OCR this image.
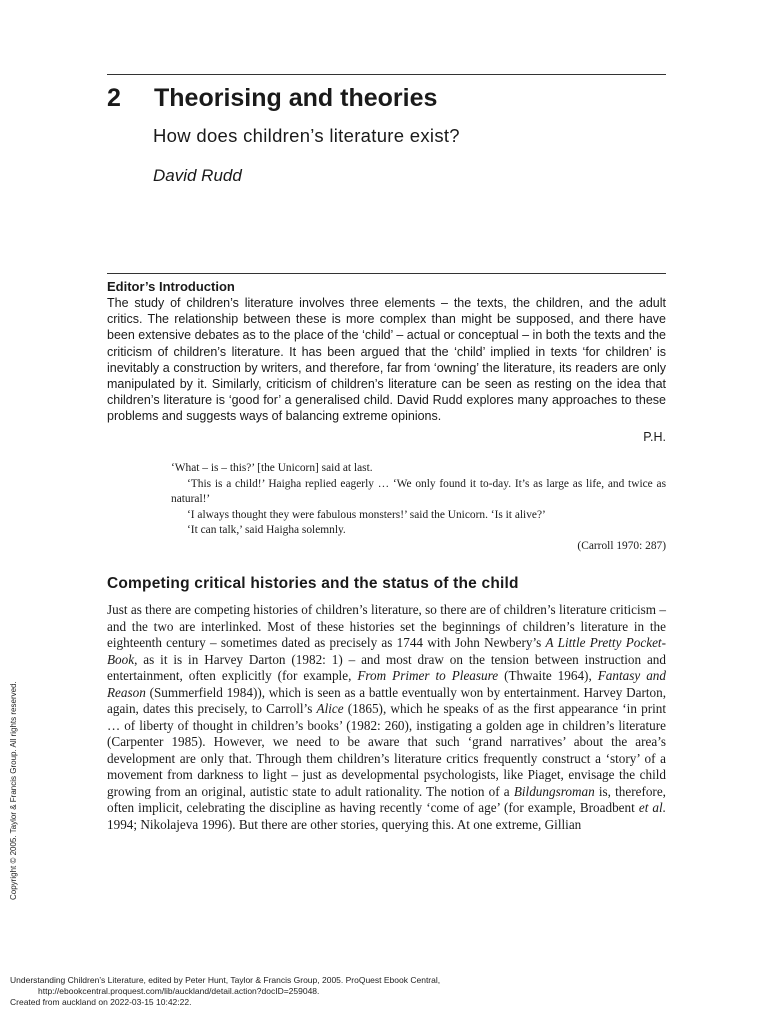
2 Theorising and theories
How does children’s literature exist?
David Rudd
Editor’s Introduction

The study of children’s literature involves three elements – the texts, the children, and the adult critics. The relationship between these is more complex than might be supposed, and there have been extensive debates as to the place of the ‘child’ – actual or conceptual – in both the texts and the criticism of children’s literature. It has been argued that the ‘child’ implied in texts ‘for children’ is inevitably a construction by writers, and therefore, far from ‘owning’ the literature, its readers are only manipulated by it. Similarly, criticism of children’s literature can be seen as resting on the idea that children’s literature is ‘good for’ a generalised child. David Rudd explores many approaches to these problems and suggests ways of balancing extreme opinions.

P.H.

‘What – is – this?’ [the Unicorn] said at last.

‘This is a child!’ Haigha replied eagerly … ‘We only found it to-day. It’s as large as life, and twice as natural!’

‘I always thought they were fabulous monsters!’ said the Unicorn. ‘Is it alive?’

‘It can talk,’ said Haigha solemnly.

(Carroll 1970: 287)

Competing critical histories and the status of the child

Just as there are competing histories of children’s literature, so there are of children’s literature criticism – and the two are interlinked. Most of these histories set the beginnings of children’s literature in the eighteenth century – sometimes dated as precisely as 1744 with John Newbery’s A Little Pretty Pocket-Book, as it is in Harvey Darton (1982: 1) – and most draw on the tension between instruction and entertainment, often explicitly (for example, From Primer to Pleasure (Thwaite 1964), Fantasy and Reason (Summerfield 1984)), which is seen as a battle eventually won by entertainment. Harvey Darton, again, dates this precisely, to Carroll’s Alice (1865), which he speaks of as the first appearance ‘in print … of liberty of thought in children’s books’ (1982: 260), instigating a golden age in children’s literature (Carpenter 1985). However, we need to be aware that such ‘grand narratives’ about the area’s development are only that. Through them children’s literature critics frequently construct a ‘story’ of a movement from darkness to light – just as developmental psychologists, like Piaget, envisage the child growing from an original, autistic state to adult rationality. The notion of a Bildungsroman is, therefore, often implicit, celebrating the discipline as having recently ‘come of age’ (for example, Broadbent et al. 1994; Nikolajeva 1996). But there are other stories, querying this. At one extreme, Gillian

Copyright © 2005. Taylor & Francis Group. All rights reserved.
Understanding Children’s Literature, edited by Peter Hunt, Taylor & Francis Group, 2005. ProQuest Ebook Central,
http://ebookcentral.proquest.com/lib/auckland/detail.action?docID=259048.
Created from auckland on 2022-03-15 10:42:22.
